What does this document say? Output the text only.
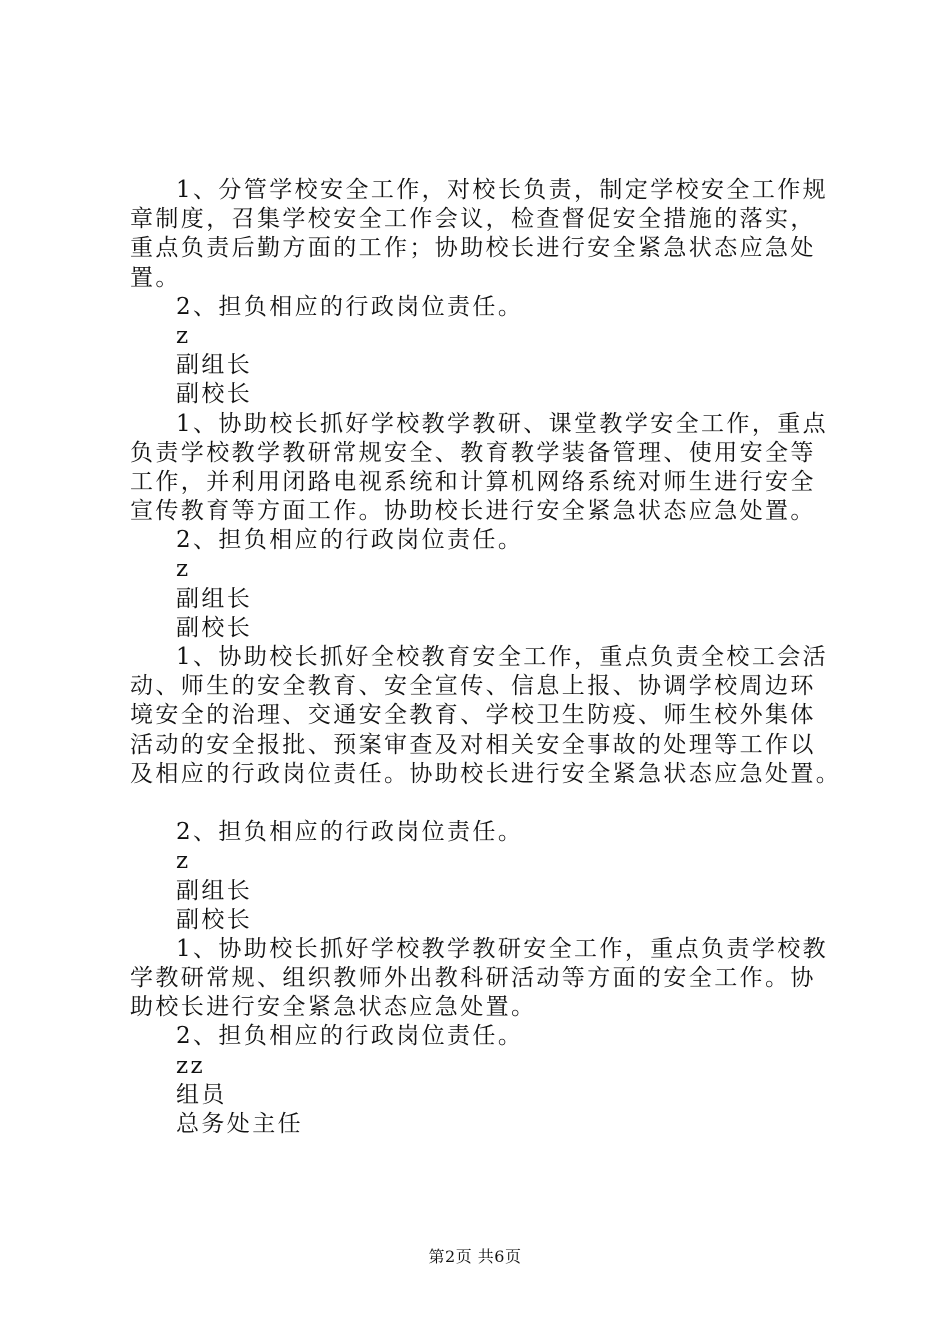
1、分管学校安全工作，对校长负责，制定学校安全工作规
章制度，召集学校安全工作会议，检查督促安全措施的落实，
重点负责后勤方面的工作；协助校长进行安全紧急状态应急处
置。
2、担负相应的行政岗位责任。
z
副组长
副校长
1、协助校长抓好学校教学教研、课堂教学安全工作，重点
负责学校教学教研常规安全、教育教学装备管理、使用安全等
工作，并利用闭路电视系统和计算机网络系统对师生进行安全
宣传教育等方面工作。协助校长进行安全紧急状态应急处置。
2、担负相应的行政岗位责任。
z
副组长
副校长
1、协助校长抓好全校教育安全工作，重点负责全校工会活
动、师生的安全教育、安全宣传、信息上报、协调学校周边环
境安全的治理、交通安全教育、学校卫生防疫、师生校外集体
活动的安全报批、预案审查及对相关安全事故的处理等工作以
及相应的行政岗位责任。协助校长进行安全紧急状态应急处置。
2、担负相应的行政岗位责任。
z
副组长
副校长
1、协助校长抓好学校教学教研安全工作，重点负责学校教
学教研常规、组织教师外出教科研活动等方面的安全工作。协
助校长进行安全紧急状态应急处置。
2、担负相应的行政岗位责任。
zz
组员
总务处主任
第2页 共6页
